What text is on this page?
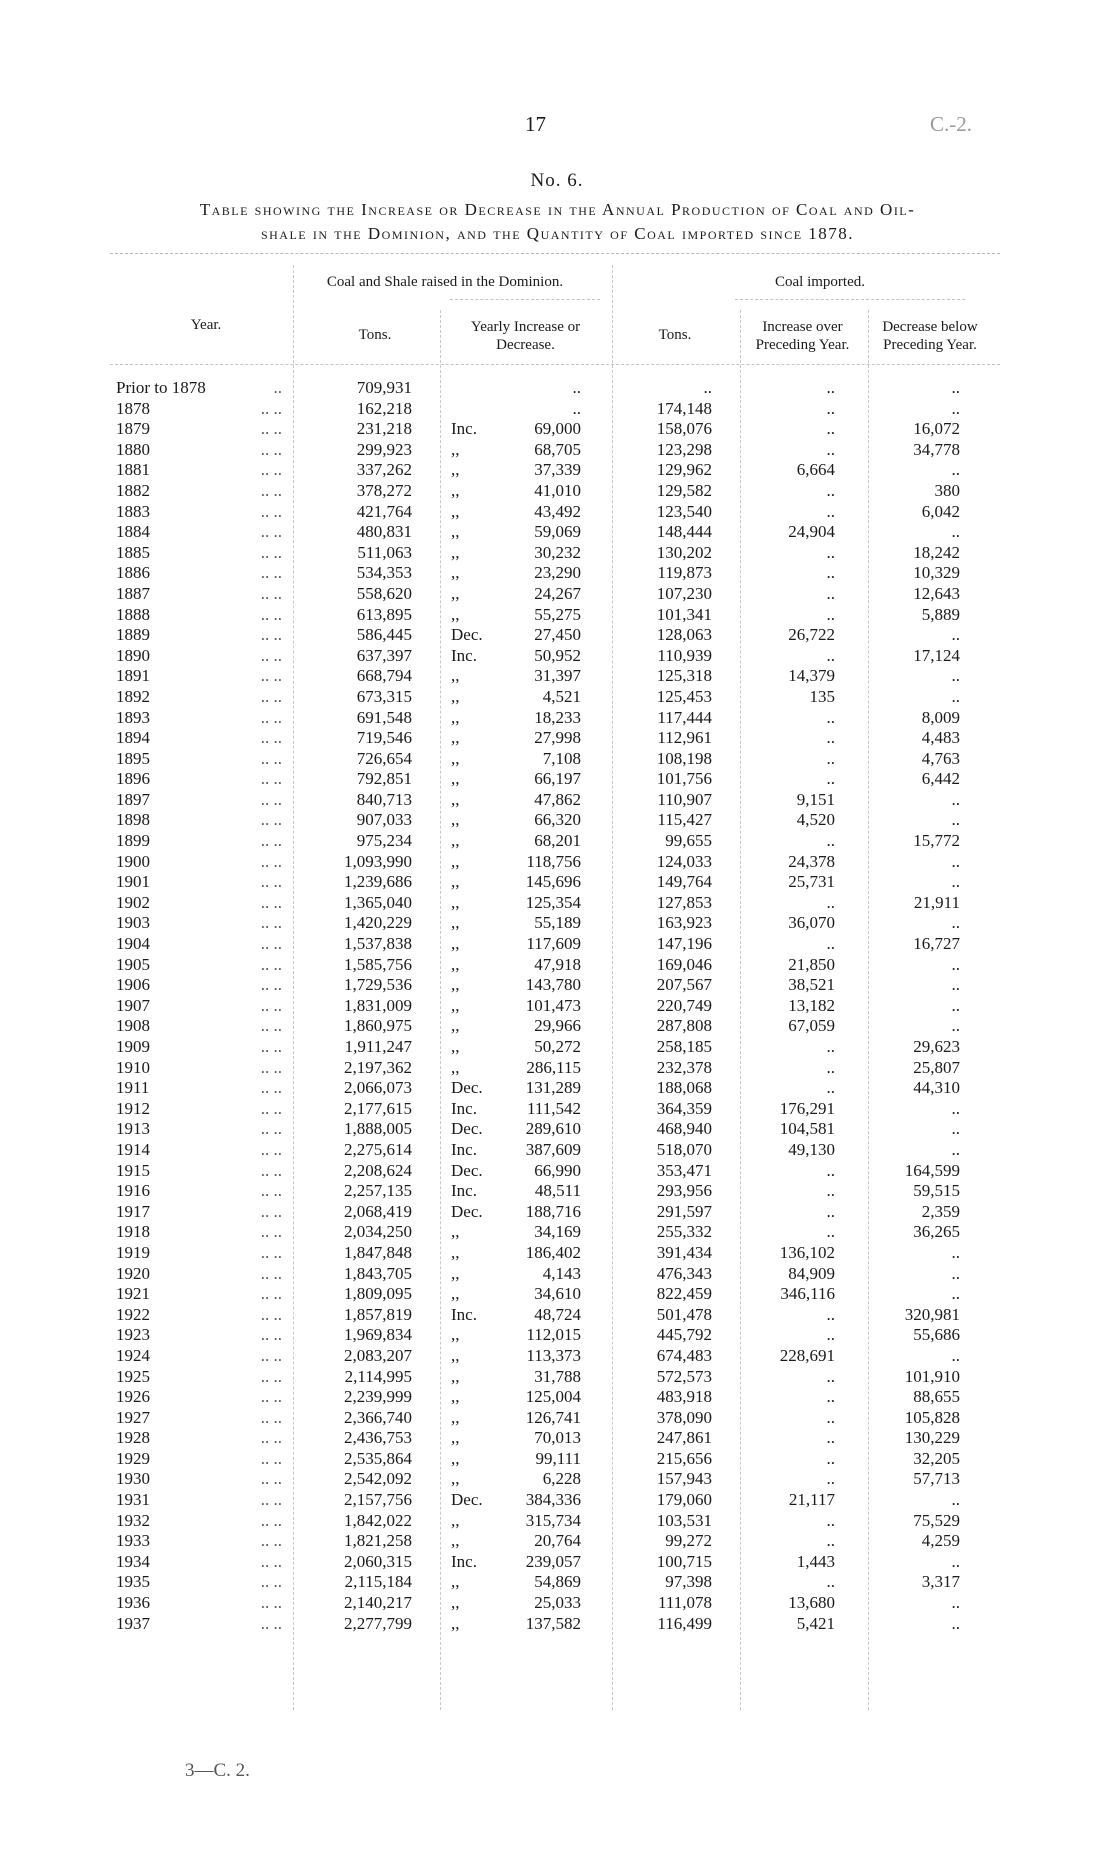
17	C.-2.
No. 6.
Table showing the Increase or Decrease in the Annual Production of Coal and Oil-
shale in the Dominion, and the Quantity of Coal imported since 1878.
Year.
Coal and Shale raised in the Dominion.	Coal imported.
Tons.	Yearly Increase or Decrease.
Tons.	Increase over Preceding Year.
Decrease below Preceding Year.
Prior to 1878	..	709,931	..	..	..	..
1878	.. ..	162,218	..	174,148	..	..
1879	.. ..	231,218 Inc.	69,000	158,076	..	16,072
1880	.. ..	299,923 ,,	68,705	123,298	..	34,778
1881	.. ..	337,262 ,,	37,339	129,962	6,664	..
1882	.. ..	378,272 ,,	41,010	129,582	..	380
1883	.. ..	421,764 ,,	43,492	123,540	..	6,042
1884	.. ..	480,831 ,,	59,069	148,444	24,904	..
1885	.. ..	511,063 ,,	30,232	130,202	..	18,242
1886	.. ..	534,353 ,,	23,290	119,873	..	10,329
1887	.. ..	558,620 ,,	24,267	107,230	..	12,643
1888	.. ..	613,895 ,,	55,275	101,341	..	5,889
1889	.. ..	586,445 Dec.	27,450	128,063	26,722	..
1890	.. ..	637,397 Inc.	50,952	110,939	..	17,124
1891	.. ..	668,794 ,,	31,397	125,318	14,379	..
1892	.. ..	673,315 ,,	4,521	125,453	135	..
1893	.. ..	691,548 ,,	18,233	117,444	..	8,009
1894	.. ..	719,546 ,,	27,998	112,961	..	4,483
1895	.. ..	726,654 ,,	7,108	108,198	..	4,763
1896	.. ..	792,851 ,,	66,197	101,756	..	6,442
1897	.. ..	840,713 ,,	47,862	110,907	9,151	..
1898	.. ..	907,033 ,,	66,320	115,427	4,520	..
1899	.. ..	975,234 ,,	68,201	99,655	..	15,772
1900	.. ..	1,093,990 ,,	118,756	124,033	24,378	..
1901	.. ..	1,239,686 ,,	145,696	149,764	25,731	..
1902	.. ..	1,365,040 ,,	125,354	127,853	..	21,911
1903	.. ..	1,420,229 ,,	55,189	163,923	36,070	..
1904	.. ..	1,537,838 ,,	117,609	147,196	..	16,727
1905	.. ..	1,585,756 ,,	47,918	169,046	21,850	..
1906	.. ..	1,729,536 ,,	143,780	207,567	38,521	..
1907	.. ..	1,831,009 ,,	101,473	220,749	13,182	..
1908	.. ..	1,860,975 ,,	29,966	287,808	67,059	..
1909	.. ..	1,911,247 ,,	50,272	258,185	..	29,623
1910	.. ..	2,197,362 ,,	286,115	232,378	..	25,807
1911	.. ..	2,066,073 Dec.	131,289	188,068	..	44,310
1912	.. ..	2,177,615 Inc.	111,542	364,359	176,291	..
1913	.. ..	1,888,005 Dec.	289,610	468,940	104,581	..
1914	.. ..	2,275,614 Inc.	387,609	518,070	49,130	..
1915	.. ..	2,208,624 Dec.	66,990	353,471	..	164,599
1916	.. ..	2,257,135 Inc.	48,511	293,956	..	59,515
1917	.. ..	2,068,419 Dec.	188,716	291,597	..	2,359
1918	.. ..	2,034,250 ,,	34,169	255,332	..	36,265
1919	.. ..	1,847,848 ,,	186,402	391,434	136,102	..
1920	.. ..	1,843,705 ,,	4,143	476,343	84,909	..
1921	.. ..	1,809,095 ,,	34,610	822,459	346,116	..
1922	.. ..	1,857,819 Inc.	48,724	501,478	..	320,981
1923	.. ..	1,969,834 ,,	112,015	445,792	..	55,686
1924	.. ..	2,083,207 ,,	113,373	674,483	228,691	..
1925	.. ..	2,114,995 ,,	31,788	572,573	..	101,910
1926	.. ..	2,239,999 ,,	125,004	483,918	..	88,655
1927	.. ..	2,366,740 ,,	126,741	378,090	..	105,828
1928	.. ..	2,436,753 ,,	70,013	247,861	..	130,229
1929	.. ..	2,535,864 ,,	99,111	215,656	..	32,205
1930	.. ..	2,542,092 ,,	6,228	157,943	..	57,713
1931	.. ..	2,157,756 Dec.	384,336	179,060	21,117	..
1932	.. ..	1,842,022 ,,	315,734	103,531	..	75,529
1933	.. ..	1,821,258 ,,	20,764	99,272	..	4,259
1934	.. ..	2,060,315 Inc.	239,057	100,715	1,443	..
1935	.. ..	2,115,184 ,,	54,869	97,398	..	3,317
1936	.. ..	2,140,217 ,,	25,033	111,078	13,680	..
1937	.. ..	2,277,799 ,,	137,582	116,499	5,421	..
3—C. 2.
